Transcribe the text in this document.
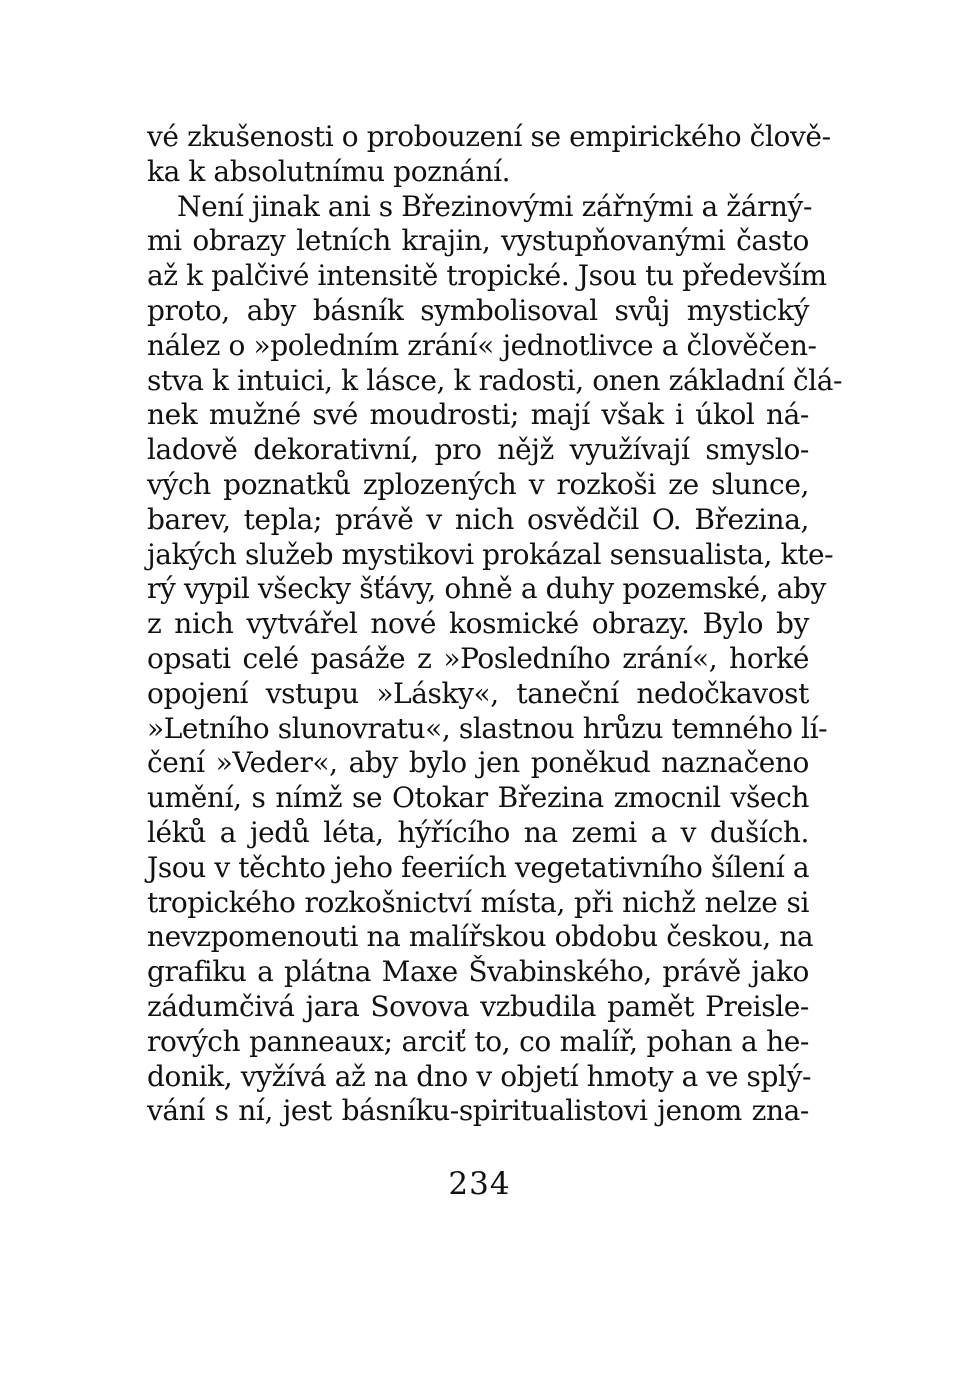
vé zkušenosti o probouzení se empirického člově-
ka k absolutnímu poznání.
Není jinak ani s Březinovými zářnými a žárný-
mi obrazy letních krajin, vystupňovanými často
až k palčivé intensitě tropické. Jsou tu především
proto, aby básník symbolisoval svůj mystický
nález o »poledním zrání« jednotlivce a člověčen-
stva k intuici, k lásce, k radosti, onen základní člá-
nek mužné své moudrosti; mají však i úkol ná-
ladově dekorativní, pro nějž využívají smyslo-
vých poznatků zplozených v rozkoši ze slunce,
barev, tepla; právě v nich osvědčil O. Březina,
jakých služeb mystikovi prokázal sensualista, kte-
rý vypil všecky šťávy, ohně a duhy pozemské, aby
z nich vytvářel nové kosmické obrazy. Bylo by
opsati celé pasáže z »Posledního zrání«, horké
opojení vstupu »Lásky«, taneční nedočkavost
»Letního slunovratu«, slastnou hrůzu temného lí-
čení »Veder«, aby bylo jen poněkud naznačeno
umění, s nímž se Otokar Březina zmocnil všech
léků a jedů léta, hýřícího na zemi a v duších.
Jsou v těchto jeho feeriích vegetativního šílení a
tropického rozkošnictví místa, při nichž nelze si
nevzpomenouti na malířskou obdobu českou, na
grafiku a plátna Maxe Švabinského, právě jako
zádumčivá jara Sovova vzbudila pamět Preisle-
rových panneaux; arciť to, co malíř, pohan a he-
donik, vyžívá až na dno v objetí hmoty a ve splý-
vání s ní, jest básníku-spiritualistovi jenom zna-
234
